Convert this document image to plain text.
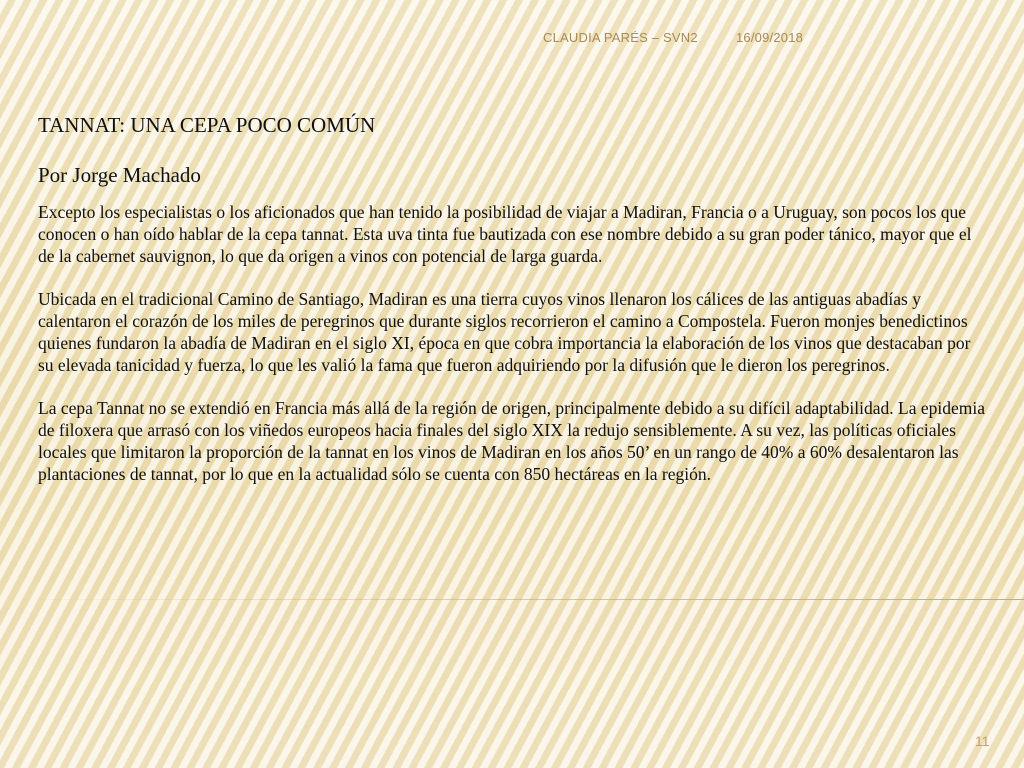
CLAUDIA PARÉS – SVN2	16/09/2018
TANNAT: UNA CEPA POCO COMÚN

Por Jorge Machado

Excepto los especialistas o los aficionados que han tenido la posibilidad de viajar a Madiran, Francia o a Uruguay, son pocos los que conocen o han oído hablar de la cepa tannat. Esta uva tinta fue bautizada con ese nombre debido a su gran poder tánico, mayor que el de la cabernet sauvignon, lo que da origen a vinos con potencial de larga guarda.

Ubicada en el tradicional Camino de Santiago, Madiran es una tierra cuyos vinos llenaron los cálices de las antiguas abadías y calentaron el corazón de los miles de peregrinos que durante siglos recorrieron el camino a Compostela. Fueron monjes benedictinos quienes fundaron la abadía de Madiran en el siglo XI, época en que cobra importancia la elaboración de los vinos que destacaban por su elevada tanicidad y fuerza, lo que les valió la fama que fueron adquiriendo por la difusión que le dieron los peregrinos.

La cepa Tannat no se extendió en Francia más allá de la región de origen, principalmente debido a su difícil adaptabilidad. La epidemia de filoxera que arrasó con los viñedos europeos hacia finales del siglo XIX la redujo sensiblemente. A su vez, las políticas oficiales locales que limitaron la proporción de la tannat en los vinos de Madiran en los años 50’ en un rango de 40% a 60% desalentaron las plantaciones de tannat, por lo que en la actualidad sólo se cuenta con 850 hectáreas en la región.

11
